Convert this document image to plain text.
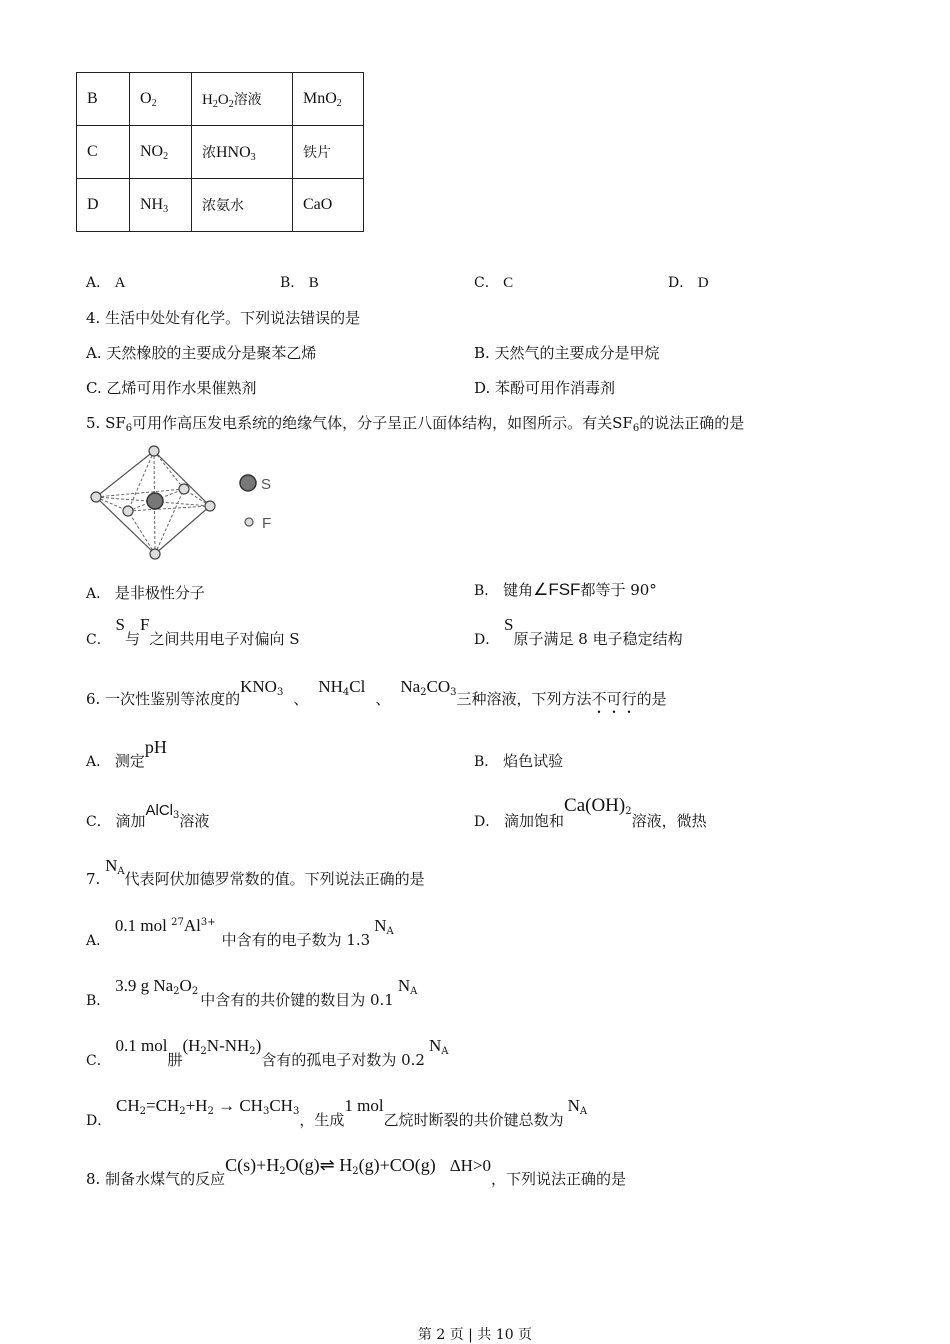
B	$O_2$	$H_2O_2$溶液	MnO$_2$
C	$NO_2$	浓$HNO_3$	铁片
D	$NH_3$	浓氨水	CaO
A． A	B． B	C． C	D． D
4. 生活中处处有化学。下列说法错误的是
A. 天然橡胶的主要成分是聚苯乙烯	B. 天然气的主要成分是甲烷
C. 乙烯可用作水果催熟剂	D. 苯酚可用作消毒剂
5. $SF_6$可用作高压发电系统的绝缘气体，分子呈正八面体结构，如图所示。有关$SF_6$的说法正确的是
S
F
A． 是非极性分子	B． 键角∠FSF都等于 90°
C． S与F之间共用电子对偏向 S	D． S原子满足 8 电子稳定结构
6. 一次性鉴别等浓度的$KNO_3$ 、$NH_4Cl$、$Na_2CO_3$三种溶液，下列方法不可行的是
A． 测定pH
B． 焰色试验
C． 滴加AlCl$_3$溶液	D． 滴加饱和$Ca(OH)_2$溶液，微热
7. $N_A$代表阿伏加德罗常数的值。下列说法正确的是
A． 0.1 mol $^{27}Al^{3+}$中含有的电子数为 $1.3N_A$
B． 3.9 g $Na_2O_2$ 中含有的共价键的数目为 $0.1N_A$
C． 0.1 mol肼$(H_2N-NH_2)$含有的孤电子对数为 $0.2N_A$
D． $CH_2=CH_2+H_2 \to CH_3CH_3$，生成1 mol乙烷时断裂的共价键总数为$N_A$
8. 制备水煤气的反应$C(s)+H_2O(g)\rightleftharpoons$ $H_2(g)+CO(g)$ ΔH>0，下列说法正确的是
第 2 页 | 共 10 页
